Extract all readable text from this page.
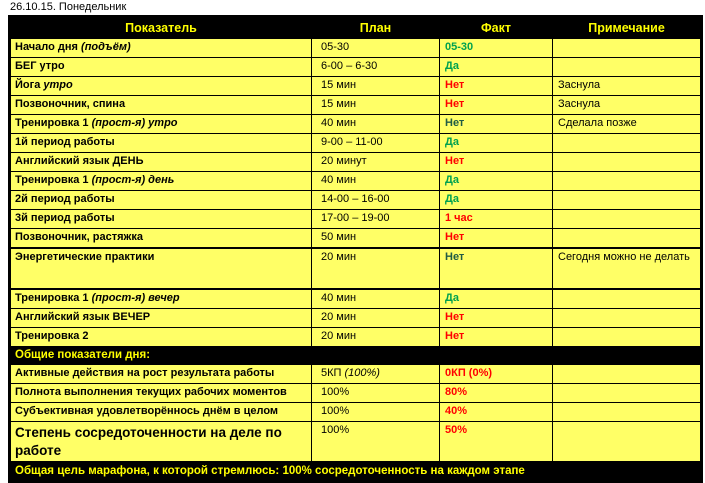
26.10.15. Понедельник
Показатель	План	Факт	Примечание
Начало дня (подъём)	05-30	05-30	
БЕГ утро	6-00 – 6-30	Да	
Йога утро	15 мин	Нет	Заснула
Позвоночник, спина	15 мин	Нет	Заснула
Тренировка 1 (прост-я) утро	40 мин	Нет	Сделала позже
1й период работы	9-00 – 11-00	Да	
Английский язык ДЕНЬ	20 минут	Нет	
Тренировка 1 (прост-я) день	40 мин	Да	
2й период работы	14-00 – 16-00	Да	
3й период работы	17-00 – 19-00	1 час	
Позвоночник, растяжка	50 мин	Нет	
Энергетические практики	20 мин	Нет	Сегодня можно не делать
Тренировка 1 (прост-я) вечер	40 мин	Да	
Английский язык ВЕЧЕР	20 мин	Нет	
Тренировка 2	20 мин	Нет	
Общие показатели дня:			
Активные действия на рост результата работы	5КП (100%)	0КП (0%)	
Полнота выполнения текущих рабочих моментов	100%	80%	
Субъективная удовлетворённось днём в целом	100%	40%	
Степень сосредоточенности на деле по работе	100%	50%	
Общая цель марафона, к которой стремлюсь: 100% сосредоточенность на каждом этапе			
